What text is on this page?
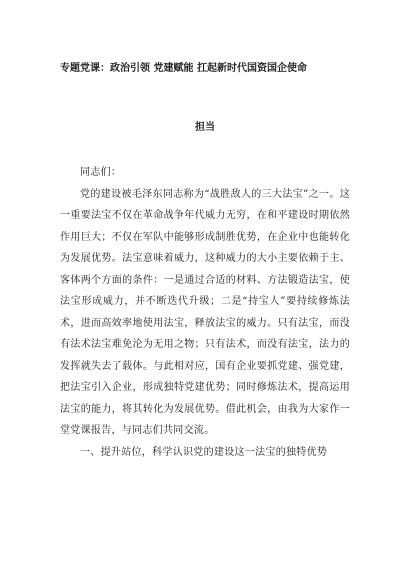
专题党课：政治引领 党建赋能 扛起新时代国资国企使命
担当

同志们：

党的建设被毛泽东同志称为“战胜敌人的三大法宝”之一。这一重要法宝不仅在革命战争年代威力无穷，在和平建设时期依然作用巨大；不仅在军队中能够形成制胜优势，在企业中也能转化为发展优势。法宝意味着威力，这种威力的大小主要依赖于主、客体两个方面的条件：一是通过合适的材料、方法锻造法宝，使法宝形成威力，并不断迭代升级；二是“持宝人”要持续修炼法术，进而高效率地使用法宝，释放法宝的威力。只有法宝，而没有法术法宝难免沦为无用之物；只有法术，而没有法宝，法力的发挥就失去了载体。与此相对应，国有企业要抓党建、强党建，把法宝引入企业，形成独特党建优势；同时修炼法术，提高运用法宝的能力，将其转化为发展优势。借此机会，由我为大家作一堂党课报告，与同志们共同交流。

一、提升站位，科学认识党的建设这一法宝的独特优势
